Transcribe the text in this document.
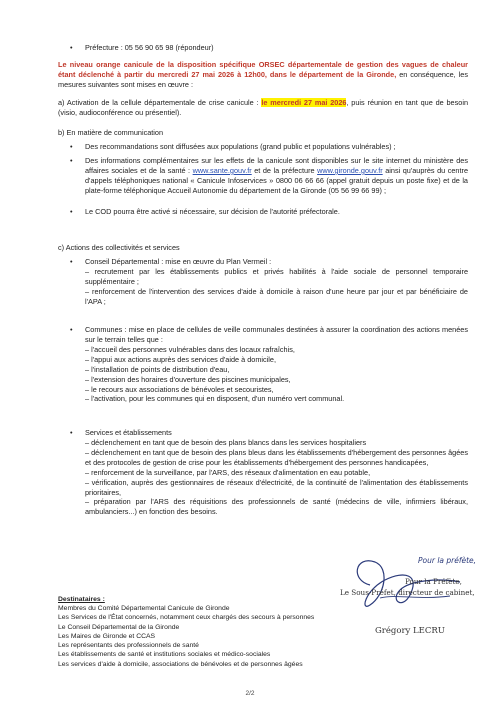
• Préfecture : 05 56 90 65 98 (répondeur)
Le niveau orange canicule de la disposition spécifique ORSEC départementale de gestion des vagues de chaleur étant déclenché à partir du mercredi 27 mai 2026 à 12h00, dans le département de la Gironde, en conséquence, les mesures suivantes sont mises en œuvre :
a) Activation de la cellule départementale de crise canicule : le mercredi 27 mai 2026, puis réunion en tant que de besoin (visio, audioconférence ou présentiel).
b) En matière de communication
• Des recommandations sont diffusées aux populations (grand public et populations vulnérables) ;
• Des informations complémentaires sur les effets de la canicule sont disponibles sur le site internet du ministère des affaires sociales et de la santé : www.sante.gouv.fr et de la préfecture www.gironde.gouv.fr ainsi qu'auprès du centre d'appels téléphoniques national « Canicule Infoservices » 0800 06 66 66 (appel gratuit depuis un poste fixe) et de la plate-forme téléphonique Accueil Autonomie du département de la Gironde (05 56 99 66 99) ;
• Le COD pourra être activé si nécessaire, sur décision de l'autorité préfectorale.
c) Actions des collectivités et services
• Conseil Départemental : mise en œuvre du Plan Vermeil :
– recrutement par les établissements publics et privés habilités à l'aide sociale de personnel temporaire supplémentaire ;
– renforcement de l'intervention des services d'aide à domicile à raison d'une heure par jour et par bénéficiaire de l'APA ;
• Communes : mise en place de cellules de veille communales destinées à assurer la coordination des actions menées sur le terrain telles que :
– l'accueil des personnes vulnérables dans des locaux rafraîchis,
– l'appui aux actions auprès des services d'aide à domicile,
– l'installation de points de distribution d'eau,
– l'extension des horaires d'ouverture des piscines municipales,
– le recours aux associations de bénévoles et secouristes,
– l'activation, pour les communes qui en disposent, d'un numéro vert communal.
• Services et établissements
– déclenchement en tant que de besoin des plans blancs dans les services hospitaliers
– déclenchement en tant que de besoin des plans bleus dans les établissements d'hébergement des personnes âgées et des protocoles de gestion de crise pour les établissements d'hébergement des personnes handicapées,
– renforcement de la surveillance, par l'ARS, des réseaux d'alimentation en eau potable,
– vérification, auprès des gestionnaires de réseaux d'électricité, de la continuité de l'alimentation des établissements prioritaires,
– préparation par l'ARS des réquisitions des professionnels de santé (médecins de ville, infirmiers libéraux, ambulanciers...) en fonction des besoins.
Pour la préfète,
Pour la Préfète,
Le Sous-Préfet, directeur de cabinet,
Grégory LECRU
Destinataires :
Membres du Comité Départemental Canicule de Gironde
Les Services de l'État concernés, notamment ceux chargés des secours à personnes
Le Conseil Départemental de la Gironde
Les Maires de Gironde et CCAS
Les représentants des professionnels de santé
Les établissements de santé et institutions sociales et médico-sociales
Les services d'aide à domicile, associations de bénévoles et de personnes âgées
2/2
